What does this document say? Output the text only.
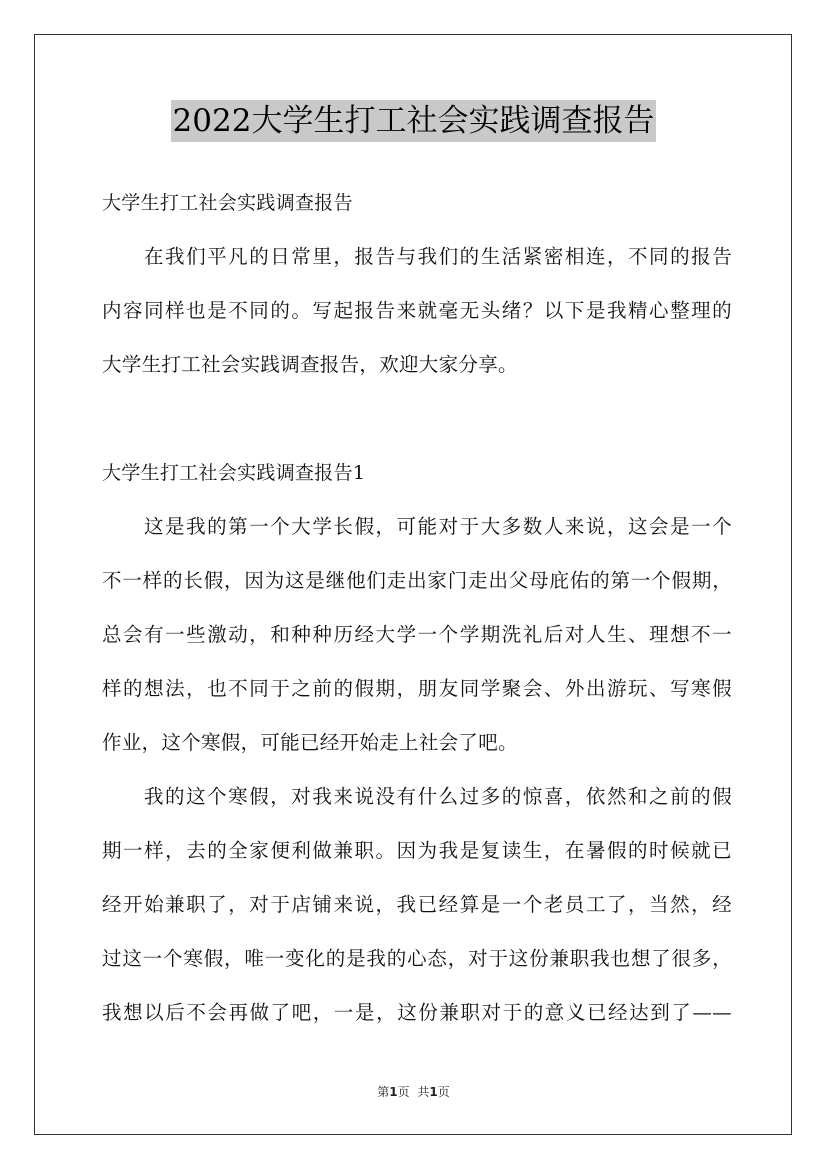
2022大学生打工社会实践调查报告
大学生打工社会实践调查报告
在我们平凡的日常里，报告与我们的生活紧密相连，不同的报告
内容同样也是不同的。写起报告来就毫无头绪？以下是我精心整理的
大学生打工社会实践调查报告，欢迎大家分享。
大学生打工社会实践调查报告1
这是我的第一个大学长假，可能对于大多数人来说，这会是一个
不一样的长假，因为这是继他们走出家门走出父母庇佑的第一个假期，
总会有一些激动，和种种历经大学一个学期洗礼后对人生、理想不一
样的想法，也不同于之前的假期，朋友同学聚会、外出游玩、写寒假
作业，这个寒假，可能已经开始走上社会了吧。
我的这个寒假，对我来说没有什么过多的惊喜，依然和之前的假
期一样，去的全家便利做兼职。因为我是复读生，在暑假的时候就已
经开始兼职了，对于店铺来说，我已经算是一个老员工了，当然，经
过这一个寒假，唯一变化的是我的心态，对于这份兼职我也想了很多，
我想以后不会再做了吧，一是，这份兼职对于的意义已经达到了——
第1页 共1页
